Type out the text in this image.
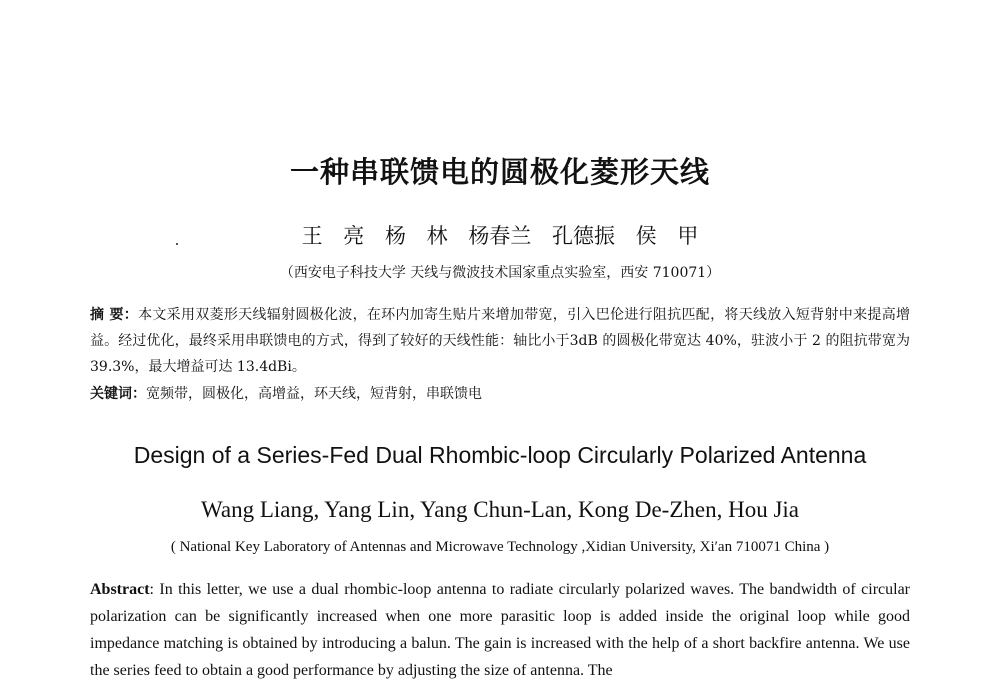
一种串联馈电的圆极化菱形天线
王 亮 杨 林 杨春兰 孔德振 侯 甲
（西安电子科技大学 天线与微波技术国家重点实验室，西安 710071）
摘 要：本文采用双菱形天线辐射圆极化波，在环内加寄生贴片来增加带宽，引入巴伦进行阻抗匹配，将天线放入短背射中来提高增益。经过优化，最终采用串联馈电的方式，得到了较好的天线性能：轴比小于3dB 的圆极化带宽达 40%，驻波小于 2 的阻抗带宽为 39.3%，最大增益可达 13.4dBi。
关键词：宽频带，圆极化，高增益，环天线，短背射，串联馈电
Design of a Series-Fed Dual Rhombic-loop Circularly Polarized Antenna
Wang Liang, Yang Lin, Yang Chun-Lan, Kong De-Zhen, Hou Jia
( National Key Laboratory of Antennas and Microwave Technology ,Xidian University, Xi′an 710071 China )
Abstract: In this letter, we use a dual rhombic-loop antenna to radiate circularly polarized waves. The bandwidth of circular polarization can be significantly increased when one more parasitic loop is added inside the original loop while good impedance matching is obtained by introducing a balun. The gain is increased with the help of a short backfire antenna. We use the series feed to obtain a good performance by adjusting the size of antenna. The
